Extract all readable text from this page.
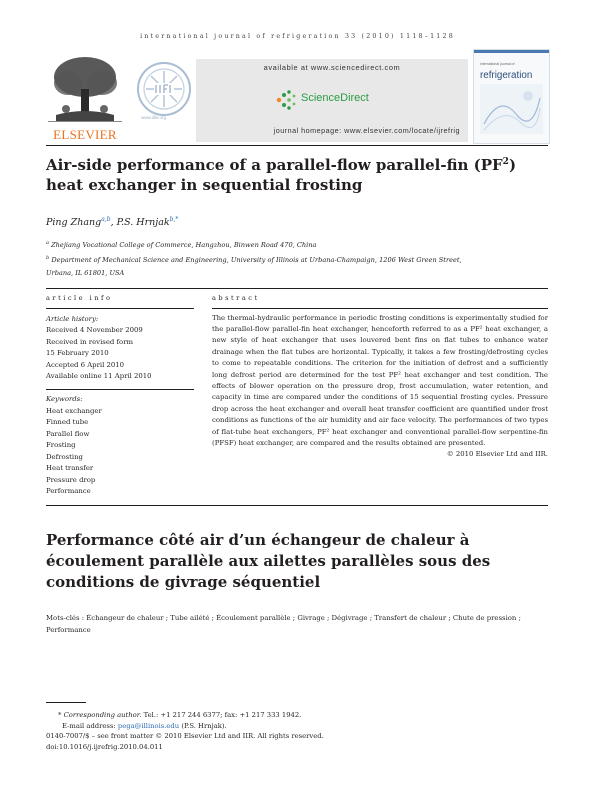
international journal of refrigeration 33 (2010) 1118–1128
ELSEVIER
www.iifiir.org
available at www.sciencedirect.com
ScienceDirect
journal homepage: www.elsevier.com/locate/ijrefrig
international journal of
refrigeration
Air-side performance of a parallel-flow parallel-fin $(PF^2)$ heat exchanger in sequential frosting
Ping Zhang$^{a,b}$, P.S. Hrnjak$^{b,*}$
$^a$ Zhejiang Vocational College of Commerce, Hangzhou, Binwen Road 470, China
$^b$ Department of Mechanical Science and Engineering, University of Illinois at Urbana-Champaign, 1206 West Green Street,
Urbana, IL 61801, USA
article info
Article history:
Received 4 November 2009
Received in revised form
15 February 2010
Accepted 6 April 2010
Available online 11 April 2010
Keywords:
Heat exchanger
Finned tube
Parallel flow
Frosting
Defrosting
Heat transfer
Pressure drop
Performance
abstract

The thermal-hydraulic performance in periodic frosting conditions is experimentally studied for the parallel-flow parallel-fin heat exchanger, henceforth referred to as a PF² heat exchanger, a new style of heat exchanger that uses louvered bent fins on flat tubes to enhance water drainage when the flat tubes are horizontal. Typically, it takes a few frosting/defrosting cycles to come to repeatable conditions. The criterion for the initiation of defrost and a sufficiently long defrost period are determined for the test PF² heat exchanger and test condition. The effects of blower operation on the pressure drop, frost accumulation, water retention, and capacity in time are compared under the conditions of 15 sequential frosting cycles. Pressure drop across the heat exchanger and overall heat transfer coefficient are quantified under frost conditions as functions of the air humidity and air face velocity. The performances of two types of flat-tube heat exchangers, PF² heat exchanger and conventional parallel-flow serpentine-fin (PFSF) heat exchanger, are compared and the results obtained are presented.

© 2010 Elsevier Ltd and IIR.
Performance côté air d’un échangeur de chaleur à écoulement parallèle aux ailettes parallèles sous des conditions de givrage séquentiel
Mots-clés : Échangeur de chaleur ; Tube ailété ; Écoulement parallèle ; Givrage ; Dégivrage ; Transfert de chaleur ; Chute de pression ; Performance
* Corresponding author. Tel.: +1 217 244 6377; fax: +1 217 333 1942.
E-mail address: pega@illinois.edu (P.S. Hrnjak).
0140-7007/$ – see front matter © 2010 Elsevier Ltd and IIR. All rights reserved.
doi:10.1016/j.ijrefrig.2010.04.011
